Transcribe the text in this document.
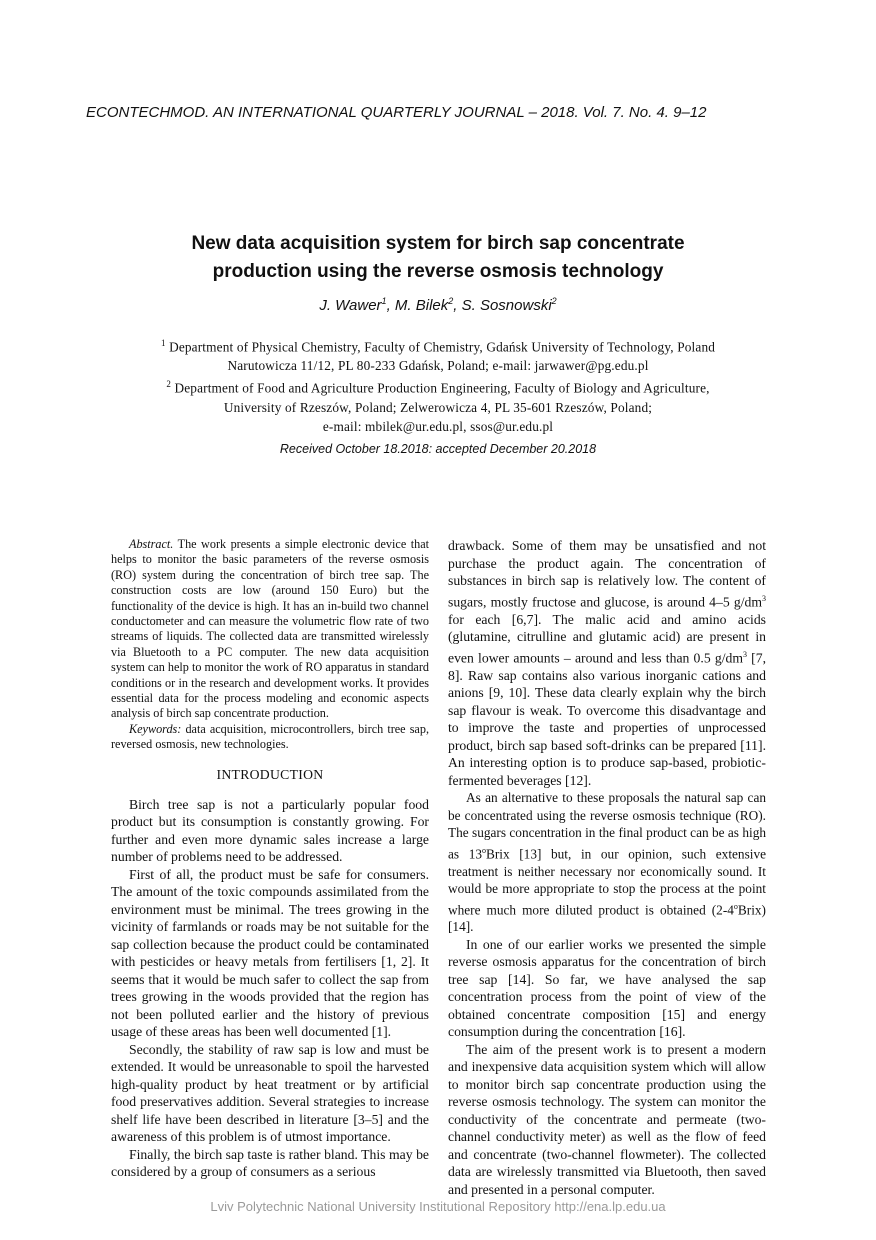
ECONTECHMOD. AN INTERNATIONAL QUARTERLY JOURNAL – 2018. Vol. 7. No. 4. 9–12
New data acquisition system for birch sap concentrate
production using the reverse osmosis technology
J. Wawer$^1$, M. Bilek$^2$, S. Sosnowski$^2$
$^1$ Department of Physical Chemistry, Faculty of Chemistry, Gdańsk University of Technology, Poland
Narutowicza 11/12, PL 80-233 Gdańsk, Poland; e-mail: jarwawer@pg.edu.pl
$^2$ Department of Food and Agriculture Production Engineering, Faculty of Biology and Agriculture,
University of Rzeszów, Poland; Zelwerowicza 4, PL 35-601 Rzeszów, Poland;
e-mail: mbilek@ur.edu.pl, ssos@ur.edu.pl
Received October 18.2018: accepted December 20.2018

Abstract. The work presents a simple electronic device that helps to monitor the basic parameters of the reverse osmosis (RO) system during the concentration of birch tree sap. The construction costs are low (around 150 Euro) but the functionality of the device is high. It has an in-build two channel conductometer and can measure the volumetric flow rate of two streams of liquids. The collected data are transmitted wirelessly via Bluetooth to a PC computer. The new data acquisition system can help to monitor the work of RO apparatus in standard conditions or in the research and development works. It provides essential data for the process modeling and economic aspects analysis of birch sap concentrate production.

Keywords: data acquisition, microcontrollers, birch tree sap, reversed osmosis, new technologies.

INTRODUCTION

Birch tree sap is not a particularly popular food product but its consumption is constantly growing. For further and even more dynamic sales increase a large number of problems need to be addressed.

First of all, the product must be safe for consumers. The amount of the toxic compounds assimilated from the environment must be minimal. The trees growing in the vicinity of farmlands or roads may be not suitable for the sap collection because the product could be contaminated with pesticides or heavy metals from fertilisers [1, 2]. It seems that it would be much safer to collect the sap from trees growing in the woods provided that the region has not been polluted earlier and the history of previous usage of these areas has been well documented [1].

Secondly, the stability of raw sap is low and must be extended. It would be unreasonable to spoil the harvested high-quality product by heat treatment or by artificial food preservatives addition. Several strategies to increase shelf life have been described in literature [3–5] and the awareness of this problem is of utmost importance.

Finally, the birch sap taste is rather bland. This may be considered by a group of consumers as a serious

drawback. Some of them may be unsatisfied and not purchase the product again. The concentration of substances in birch sap is relatively low. The content of sugars, mostly fructose and glucose, is around 4–5 $g/dm^3$ for each [6,7]. The malic acid and amino acids (glutamine, citrulline and glutamic acid) are present in even lower amounts – around and less than 0.5 $g/dm^3$ [7, 8]. Raw sap contains also various inorganic cations and anions [9, 10]. These data clearly explain why the birch sap flavour is weak. To overcome this disadvantage and to improve the taste and properties of unprocessed product, birch sap based soft-drinks can be prepared [11]. An interesting option is to produce sap-based, probiotic-fermented beverages [12].

As an alternative to these proposals the natural sap can be concentrated using the reverse osmosis technique (RO). The sugars concentration in the final product can be as high as 13$^o$Brix [13] but, in our opinion, such extensive treatment is neither necessary nor economically sound. It would be more appropriate to stop the process at the point where much more diluted product is obtained (2-4$^o$Brix) [14].

In one of our earlier works we presented the simple reverse osmosis apparatus for the concentration of birch tree sap [14]. So far, we have analysed the sap concentration process from the point of view of the obtained concentrate composition [15] and energy consumption during the concentration [16].

The aim of the present work is to present a modern and inexpensive data acquisition system which will allow to monitor birch sap concentrate production using the reverse osmosis technology. The system can monitor the conductivity of the concentrate and permeate (two-channel conductivity meter) as well as the flow of feed and concentrate (two-channel flowmeter). The collected data are wirelessly transmitted via Bluetooth, then saved and presented in a personal computer.

Lviv Polytechnic National University Institutional Repository http://ena.lp.edu.ua
